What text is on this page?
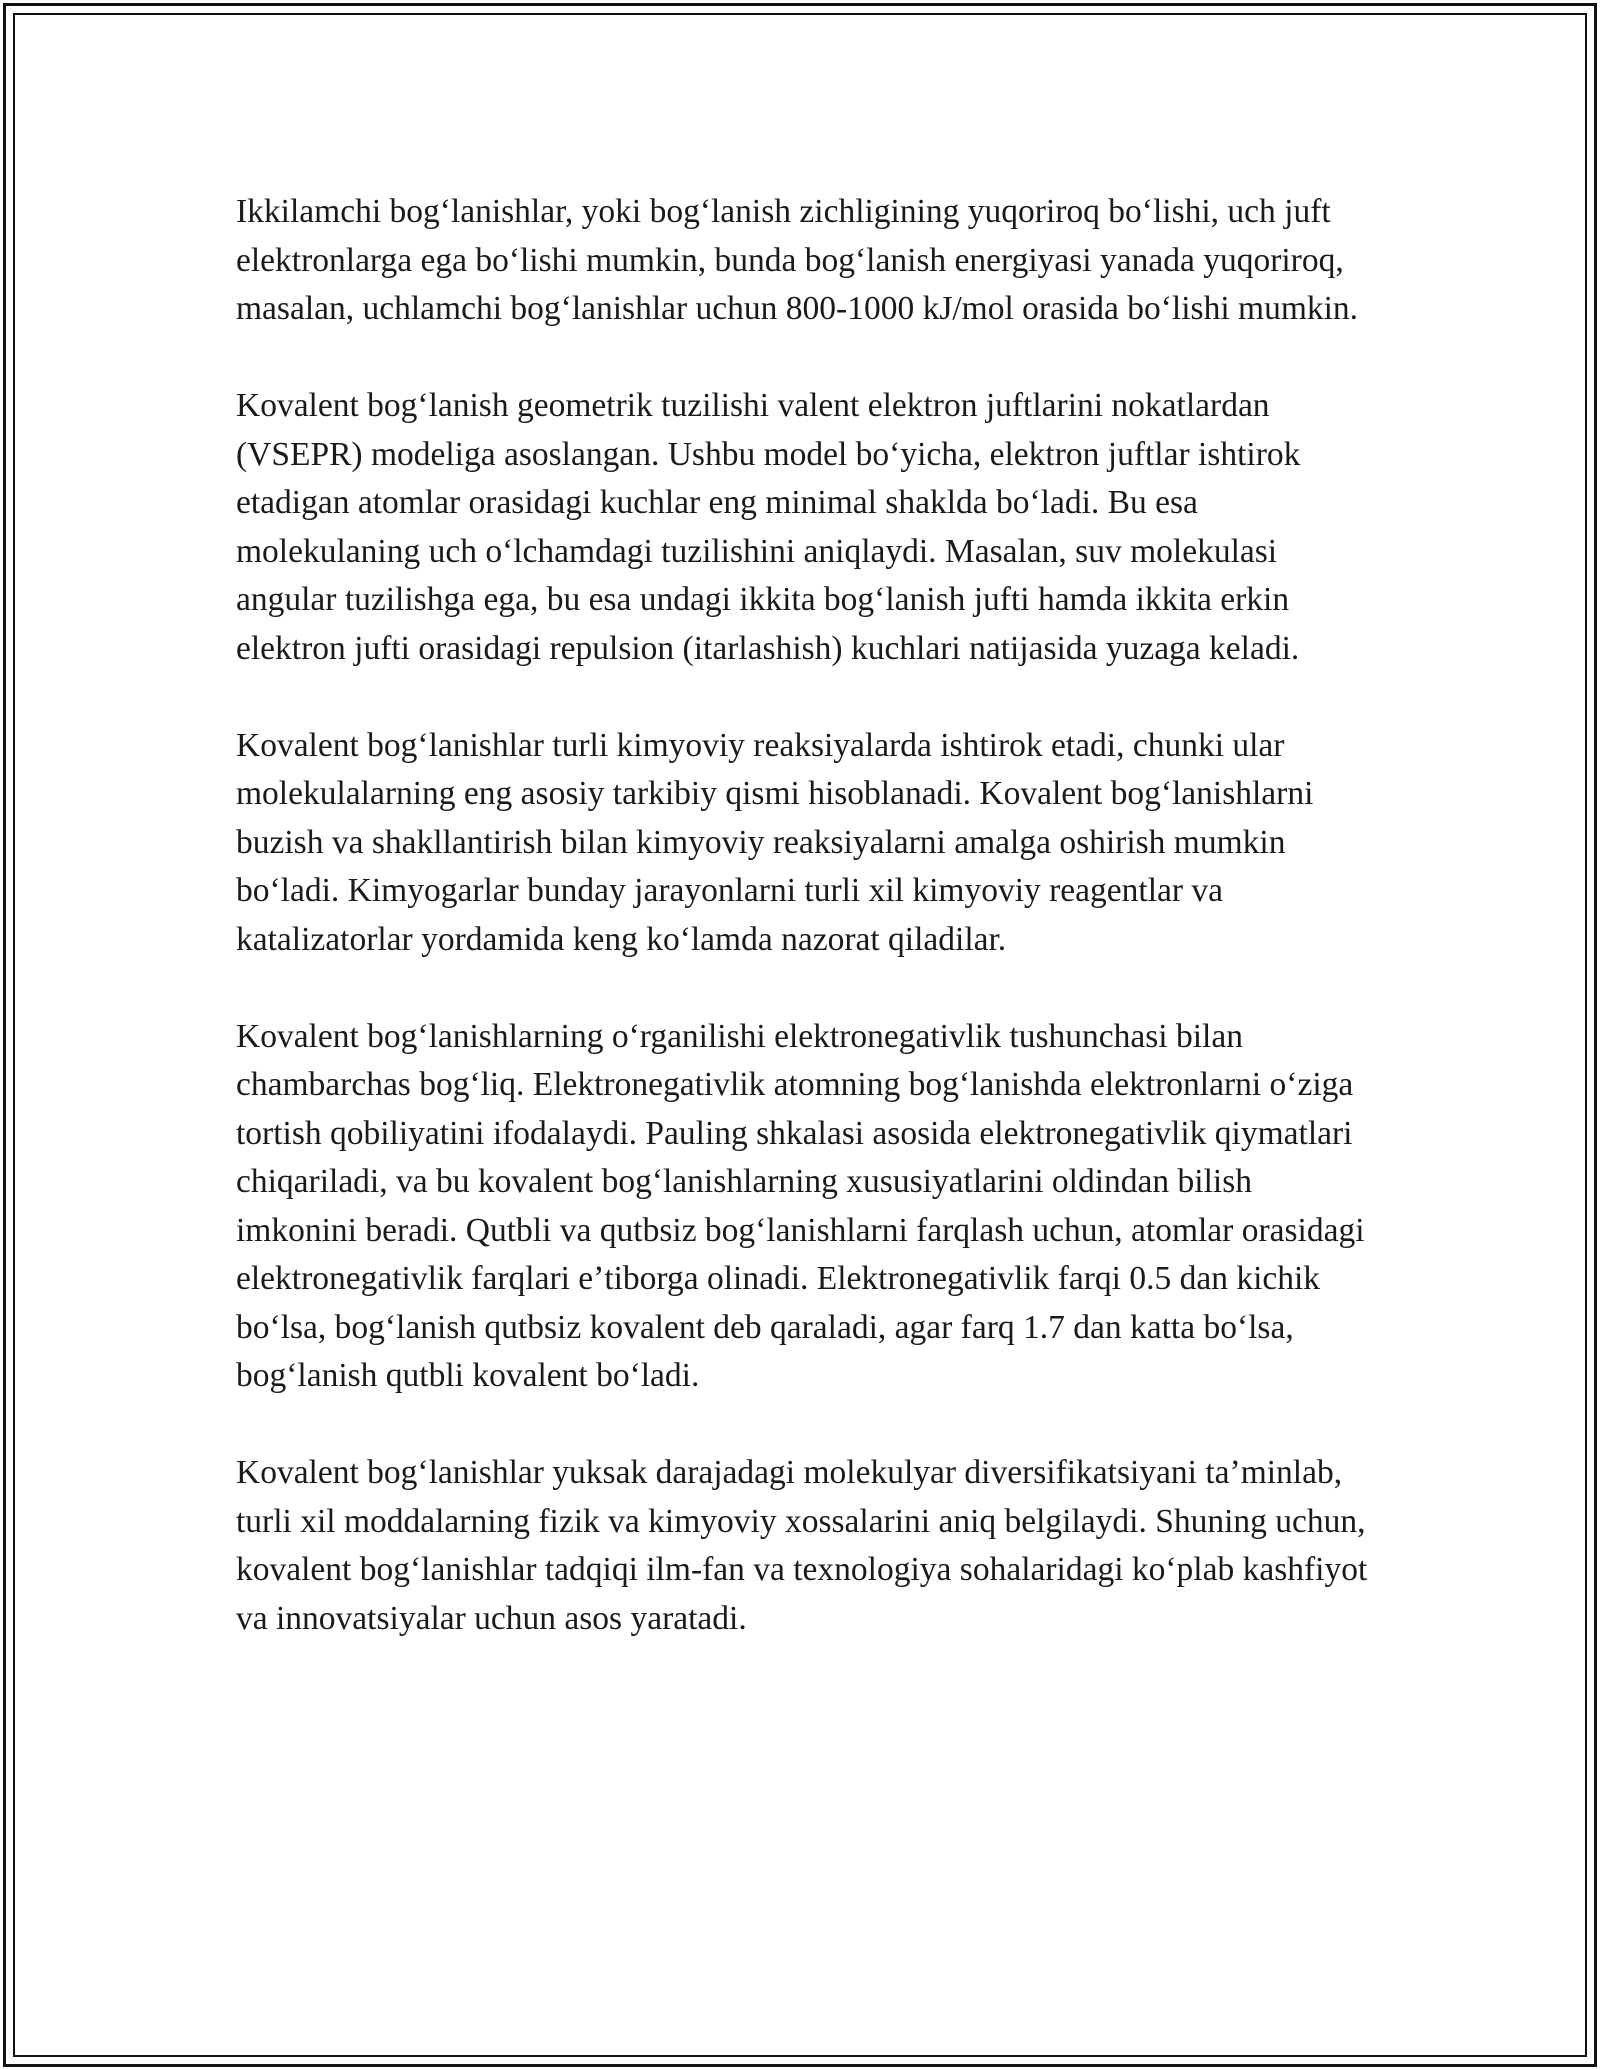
Ikkilamchi bogʻlanishlar, yoki bogʻlanish zichligining yuqoriroq boʻlishi, uch juft elektronlarga ega boʻlishi mumkin, bunda bogʻlanish energiyasi yanada yuqoriroq, masalan, uchlamchi bogʻlanishlar uchun 800-1000 kJ/mol orasida boʻlishi mumkin.

Kovalent bogʻlanish geometrik tuzilishi valent elektron juftlarini nokatlardan (VSEPR) modeliga asoslangan. Ushbu model boʻyicha, elektron juftlar ishtirok etadigan atomlar orasidagi kuchlar eng minimal shaklda boʻladi. Bu esa molekulaning uch oʻlchamdagi tuzilishini aniqlaydi. Masalan, suv molekulasi angular tuzilishga ega, bu esa undagi ikkita bogʻlanish jufti hamda ikkita erkin elektron jufti orasidagi repulsion (itarlashish) kuchlari natijasida yuzaga keladi.

Kovalent bogʻlanishlar turli kimyoviy reaksiyalarda ishtirok etadi, chunki ular molekulalarning eng asosiy tarkibiy qismi hisoblanadi. Kovalent bogʻlanishlarni buzish va shakllantirish bilan kimyoviy reaksiyalarni amalga oshirish mumkin boʻladi. Kimyogarlar bunday jarayonlarni turli xil kimyoviy reagentlar va katalizatorlar yordamida keng koʻlamda nazorat qiladilar.

Kovalent bogʻlanishlarning oʻrganilishi elektronegativlik tushunchasi bilan chambarchas bogʻliq. Elektronegativlik atomning bogʻlanishda elektronlarni oʻziga tortish qobiliyatini ifodalaydi. Pauling shkalasi asosida elektronegativlik qiymatlari chiqariladi, va bu kovalent bogʻlanishlarning xususiyatlarini oldindan bilish imkonini beradi. Qutbli va qutbsiz bogʻlanishlarni farqlash uchun, atomlar orasidagi elektronegativlik farqlari eʼtiborga olinadi. Elektronegativlik farqi 0.5 dan kichik boʻlsa, bogʻlanish qutbsiz kovalent deb qaraladi, agar farq 1.7 dan katta boʻlsa, bogʻlanish qutbli kovalent boʻladi.

Kovalent bogʻlanishlar yuksak darajadagi molekulyar diversifikatsiyani taʼminlab, turli xil moddalarning fizik va kimyoviy xossalarini aniq belgilaydi. Shuning uchun, kovalent bogʻlanishlar tadqiqi ilm-fan va texnologiya sohalaridagi koʻplab kashfiyot va innovatsiyalar uchun asos yaratadi.
